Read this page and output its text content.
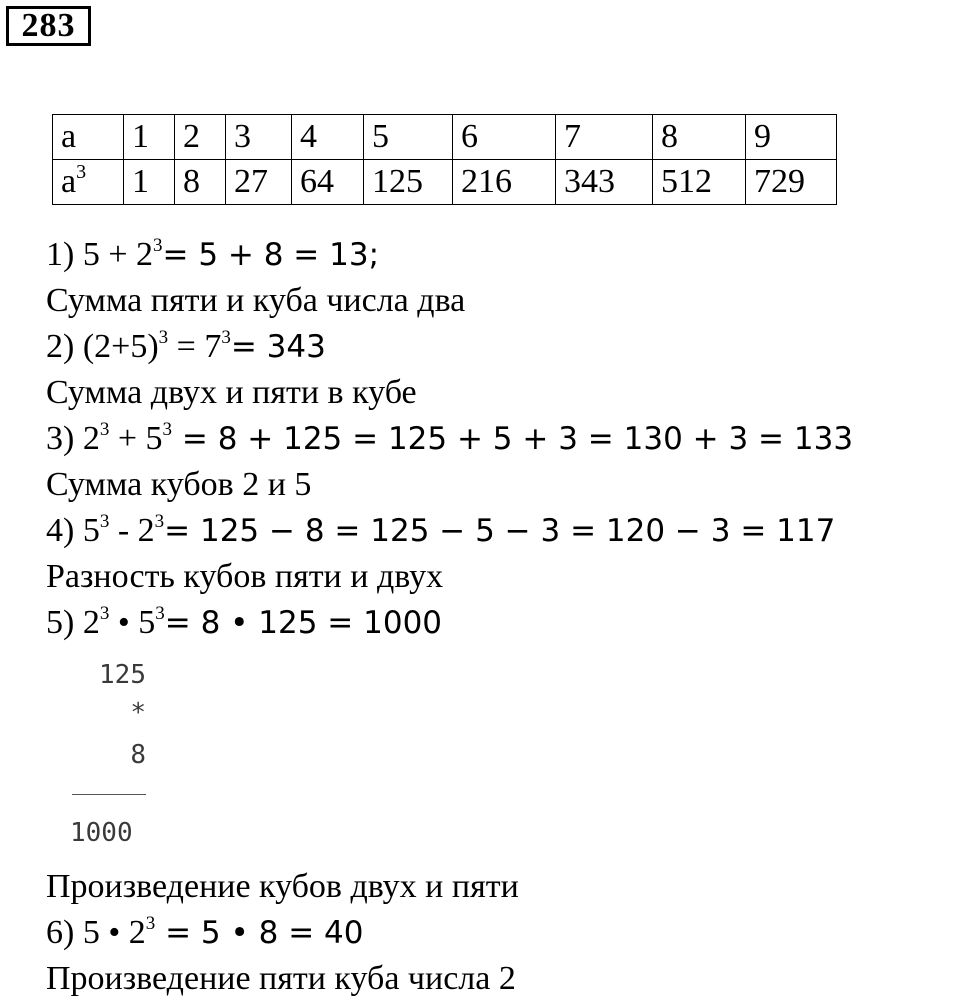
283
a	1	2	3	4	5	6	7	8	9
$a^3$	1	8	27	64	125	216	343	512	729
1) $5 + 2^3= 5 + 8 = 13$;
Сумма пяти и куба числа два
2) $(2+5)^3 = 7^3= 343$
Сумма двух и пяти в кубе
3) $2^3 + 5^3 = 8 + 125 = 125 + 5 + 3 = 130 + 3 = 133$
Сумма кубов 2 и 5
4) $5^3 - 2^3= 125 - 8 = 125 - 5 - 3 = 120 - 3 = 117$
Разность кубов пяти и двух
5) $2^3$ • $5^3= 8$ • 125 = 1000
125
*
8
1000
Произведение кубов двух и пяти
6) 5 • $2^3 = 5$ • 8 = 40
Произведение пяти куба числа 2
